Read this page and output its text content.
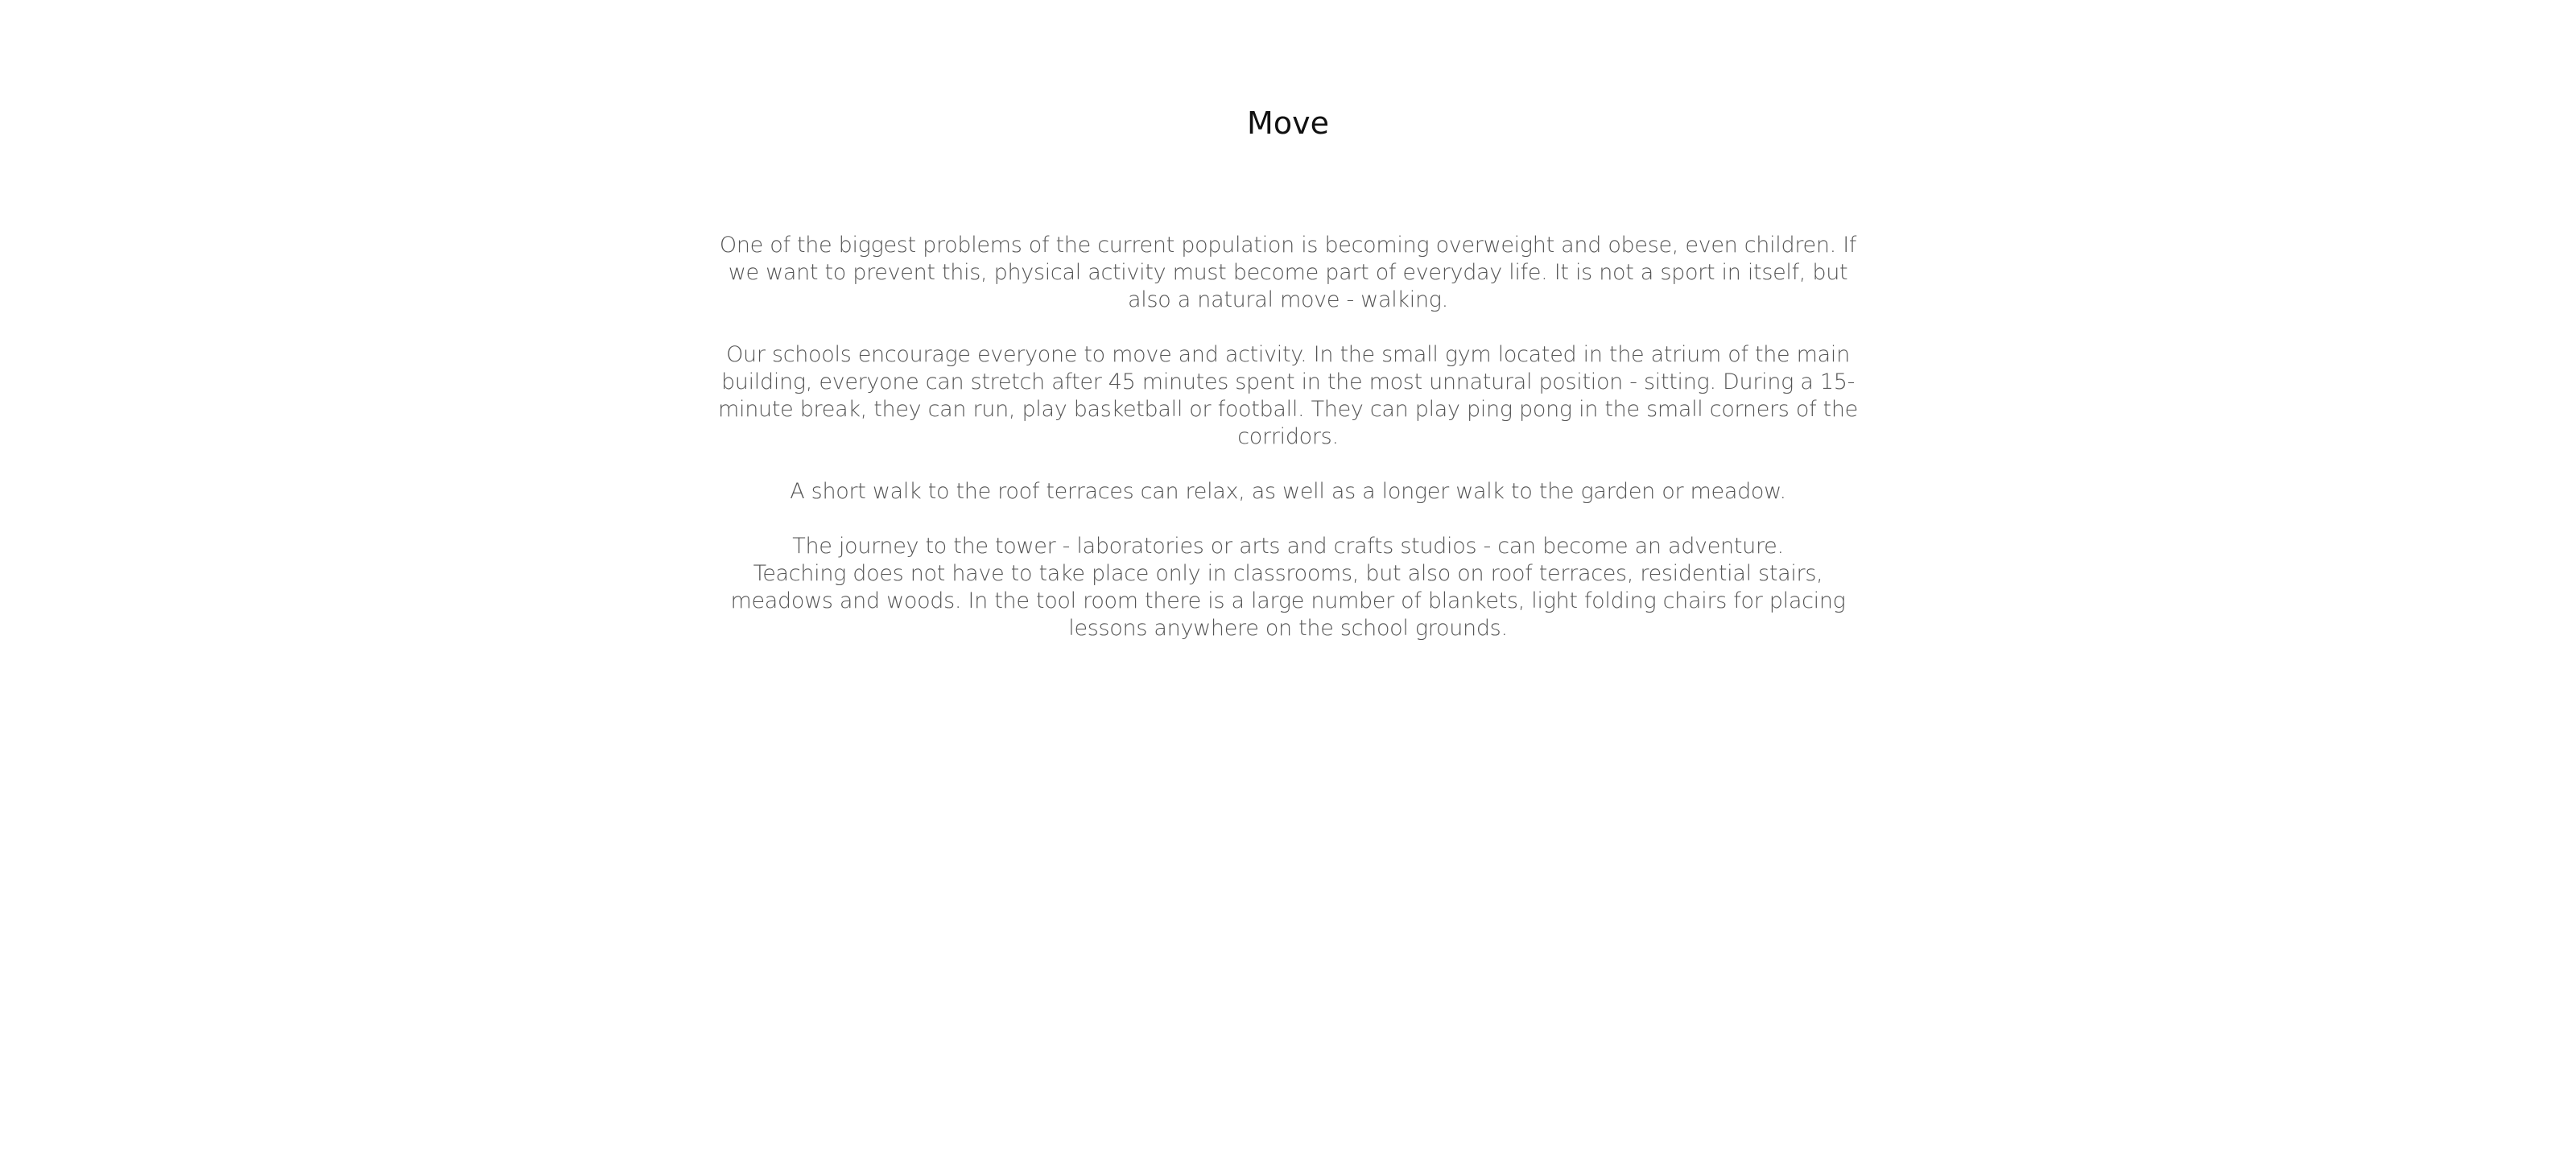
Move

One of the biggest problems of the current population is becoming overweight and obese, even children. If we want to prevent this, physical activity must become part of everyday life. It is not a sport in itself, but also a natural move - walking.

Our schools encourage everyone to move and activity. In the small gym located in the atrium of the main building, everyone can stretch after 45 minutes spent in the most unnatural position - sitting. During a 15-minute break, they can run, play basketball or football. They can play ping pong in the small corners of the corridors.

A short walk to the roof terraces can relax, as well as a longer walk to the garden or meadow.

The journey to the tower - laboratories or arts and crafts studios - can become an adventure.

Teaching does not have to take place only in classrooms, but also on roof terraces, residential stairs, meadows and woods. In the tool room there is a large number of blankets, light folding chairs for placing lessons anywhere on the school grounds.
